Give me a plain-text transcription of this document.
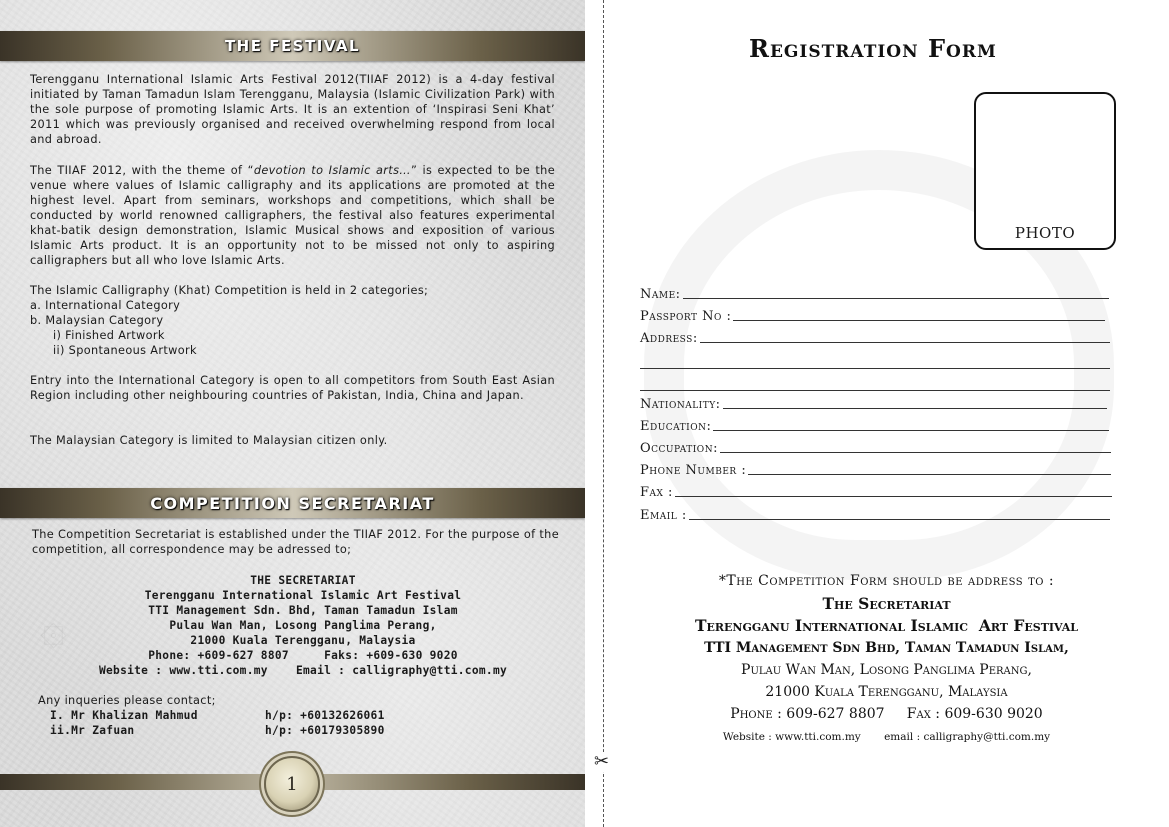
۞
THE FESTIVAL

Terengganu International Islamic Arts Festival 2012(TIIAF 2012) is a 4-day festival initiated by Taman Tamadun Islam Terengganu, Malaysia (Islamic Civilization Park) with the sole purpose of promoting Islamic Arts. It is an extention of ‘Inspirasi Seni Khat’ 2011 which was previously organised and received overwhelming respond from local and abroad.

The TIIAF 2012, with the theme of “devotion to Islamic arts…” is expected to be the venue where values of Islamic calligraphy and its applications are promoted at the highest level. Apart from seminars, workshops and competitions, which shall be conducted by world renowned calligraphers, the festival also features experimental khat-batik design demonstration, Islamic Musical shows and exposition of various Islamic Arts product. It is an opportunity not to be missed not only to aspiring calligraphers but all who love Islamic Arts.

The Islamic Calligraphy (Khat) Competition is held in 2 categories;
a. International Category
b. Malaysian Category
i) Finished Artwork
ii) Spontaneous Artwork

Entry into the International Category is open to all competitors from South East Asian Region including other neighbouring countries of Pakistan, India, China and Japan.

The Malaysian Category is limited to Malaysian citizen only.

COMPETITION SECRETARIAT

The Competition Secretariat is established under the TIIAF 2012. For the purpose of the competition, all correspondence may be adressed to;

THE SECRETARIAT
Terengganu International Islamic Art Festival
TTI Management Sdn. Bhd, Taman Tamadun Islam
Pulau Wan Man, Losong Panglima Perang,
21000 Kuala Terengganu, Malaysia
Phone: +609-627 8807     Faks: +609-630 9020
Website : www.tti.com.my    Email : calligraphy@tti.com.my
Any inqueries please contact;
I. Mr Khalizan Mahmud	h/p: +60132626061
ii.Mr Zafuan	h/p: +60179305890
1
✂
Registration Form
PHOTO
Name:
Passport No :
Address:
Nationality:
Education:
Occupation:
Phone Number :
Fax :
Email :
*The Competition Form should be address to :
The Secretariat
Terengganu International Islamic  Art Festival
TTI Management Sdn Bhd, Taman Tamadun Islam,
Pulau Wan Man, Losong Panglima Perang,
21000 Kuala Terengganu, Malaysia
Phone : 609-627 8807     Fax : 609-630 9020
Website : www.tti.com.my       email : calligraphy@tti.com.my
